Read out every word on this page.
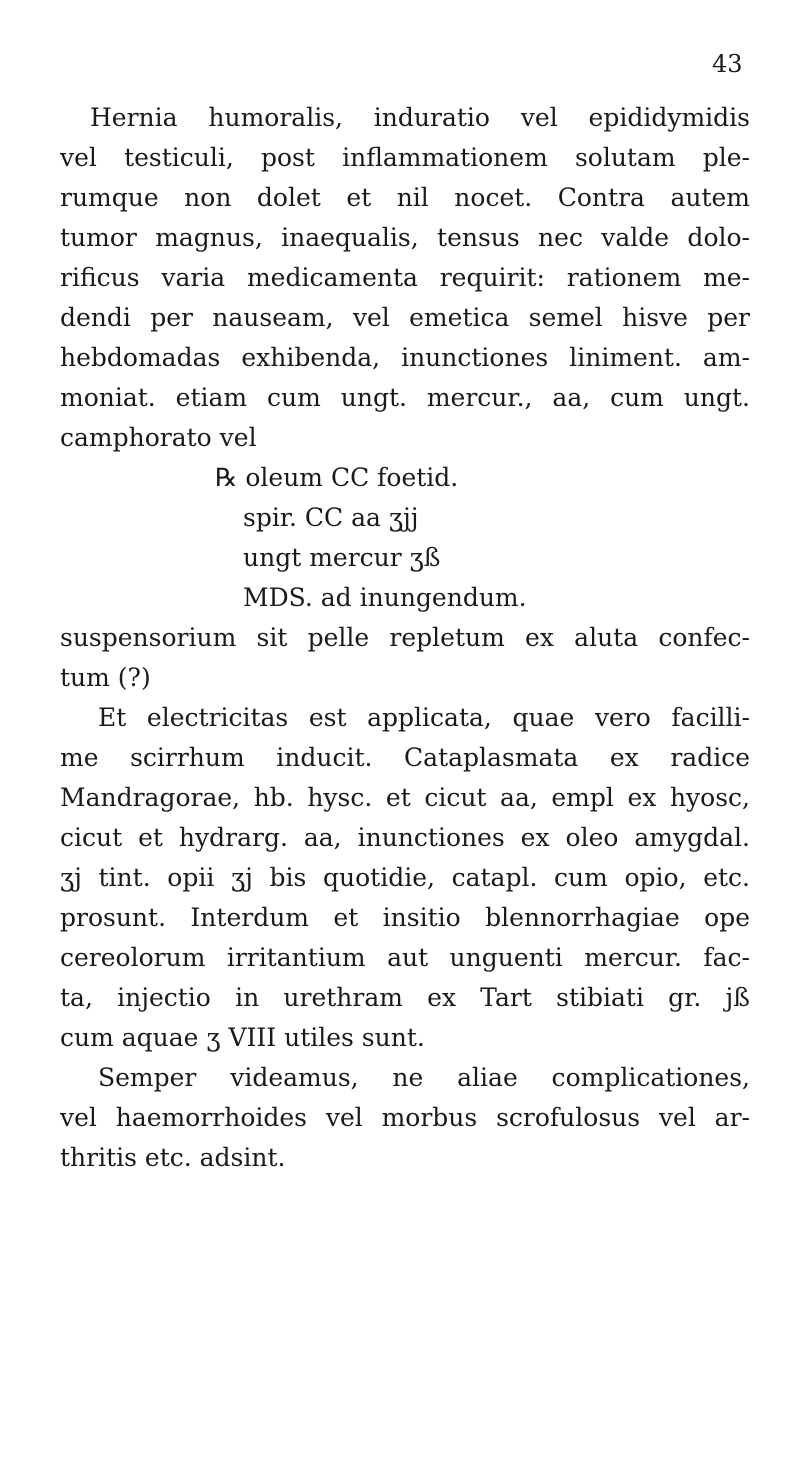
43
Hernia humoralis, induratio vel epididymidis
vel testiculi, post inflammationem solutam ple-
rumque non dolet et nil nocet. Contra autem
tumor magnus, inaequalis, tensus nec valde dolo-
rificus varia medicamenta requirit: rationem me-
dendi per nauseam, vel emetica semel hisve per
hebdomadas exhibenda, inunctiones liniment. am-
moniat. etiam cum ungt. mercur., aa, cum ungt.
camphorato vel
℞ oleum CC foetid.
spir. CC aa ʒjj
ungt mercur ʒß
MDS. ad inungendum.
suspensorium sit pelle repletum ex aluta confec-
tum (?)
Et electricitas est applicata, quae vero facilli-
me scirrhum inducit. Cataplasmata ex radice
Mandragorae, hb. hysc. et cicut aa, empl ex hyosc,
cicut et hydrarg. aa, inunctiones ex oleo amygdal.
ʒj tint. opii ʒj bis quotidie, catapl. cum opio, etc.
prosunt. Interdum et insitio blennorrhagiae ope
cereolorum irritantium aut unguenti mercur. fac-
ta, injectio in urethram ex Tart stibiati gr. jß
cum aquae ʒ VIII utiles sunt.
Semper videamus, ne aliae complicationes,
vel haemorrhoides vel morbus scrofulosus vel ar-
thritis etc. adsint.
